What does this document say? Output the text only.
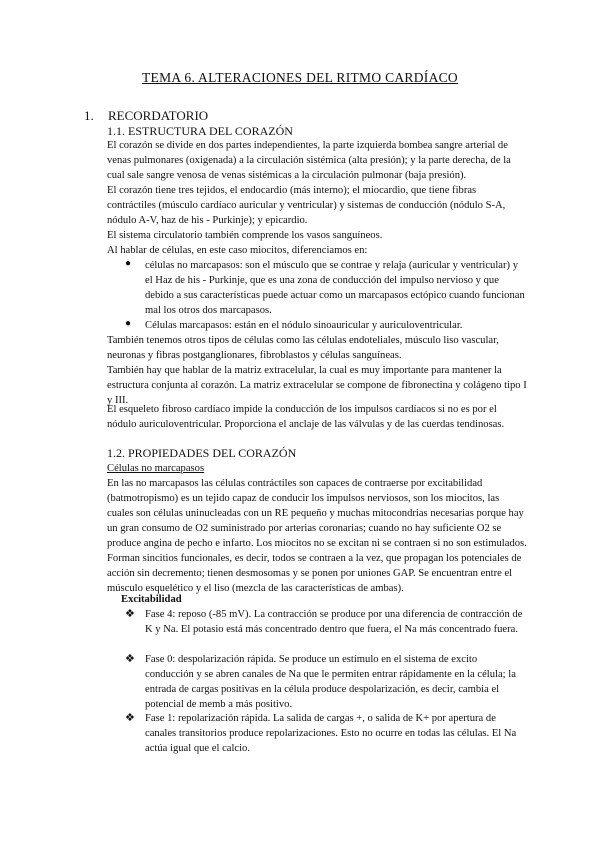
TEMA 6. ALTERACIONES DEL RITMO CARDÍACO
1. RECORDATORIO
1.1. ESTRUCTURA DEL CORAZÓN

El corazón se divide en dos partes independientes, la parte izquierda bombea sangre arterial de venas pulmonares (oxigenada) a la circulación sistémica (alta presión); y la parte derecha, de la cual sale sangre venosa de venas sistémicas a la circulación pulmonar (baja presión).

El corazón tiene tres tejidos, el endocardio (más interno); el miocardio, que tiene fibras contráctiles (músculo cardíaco auricular y ventricular) y sistemas de conducción (nódulo S-A, nódulo A-V, haz de his - Purkinje); y epicardio.

El sistema circulatorio también comprende los vasos sanguíneos.

Al hablar de células, en este caso miocitos, diferenciamos en:

● células no marcapasos: son el músculo que se contrae y relaja (auricular y ventricular) y el Haz de his - Purkinje, que es una zona de conducción del impulso nervioso y que debido a sus características puede actuar como un marcapasos ectópico cuando funcionan mal los otros dos marcapasos.

● Células marcapasos: están en el nódulo sinoauricular y auriculoventricular.

También tenemos otros tipos de células como las células endoteliales, músculo liso vascular, neuronas y fibras postganglionares, fibroblastos y células sanguíneas.

También hay que hablar de la matriz extracelular, la cual es muy importante para mantener la estructura conjunta al corazón. La matriz extracelular se compone de fibronectina y colágeno tipo I y III.

El esqueleto fibroso cardíaco impide la conducción de los impulsos cardíacos si no es por el nódulo auriculoventricular. Proporciona el anclaje de las válvulas y de las cuerdas tendinosas.

1.2. PROPIEDADES DEL CORAZÓN

Células no marcapasos

En las no marcapasos las células contráctiles son capaces de contraerse por excitabilidad (batmotropismo) es un tejido capaz de conducir los impulsos nerviosos, son los miocitos, las cuales son células uninucleadas con un RE pequeño y muchas mitocondrias necesarias porque hay un gran consumo de O2 suministrado por arterias coronarias; cuando no hay suficiente O2 se produce angina de pecho e infarto. Los miocitos no se excitan ni se contraen si no son estimulados. Forman sincitios funcionales, es decir, todos se contraen a la vez, que propagan los potenciales de acción sin decremento; tienen desmosomas y se ponen por uniones GAP. Se encuentran entre el músculo esquelético y el liso (mezcla de las características de ambas).

Excitabilidad

❖ Fase 4: reposo (-85 mV). La contracción se produce por una diferencia de contracción de K y Na. El potasio está más concentrado dentro que fuera, el Na más concentrado fuera.

❖ Fase 0: despolarización rápida. Se produce un estímulo en el sistema de excito conducción y se abren canales de Na que le permiten entrar rápidamente en la célula; la entrada de cargas positivas en la célula produce despolarización, es decir, cambia el potencial de memb a más positivo.

❖ Fase 1: repolarización rápida. La salida de cargas +, o salida de K+ por apertura de canales transitorios produce repolarizaciones. Esto no ocurre en todas las células. El Na actúa igual que el calcio.
